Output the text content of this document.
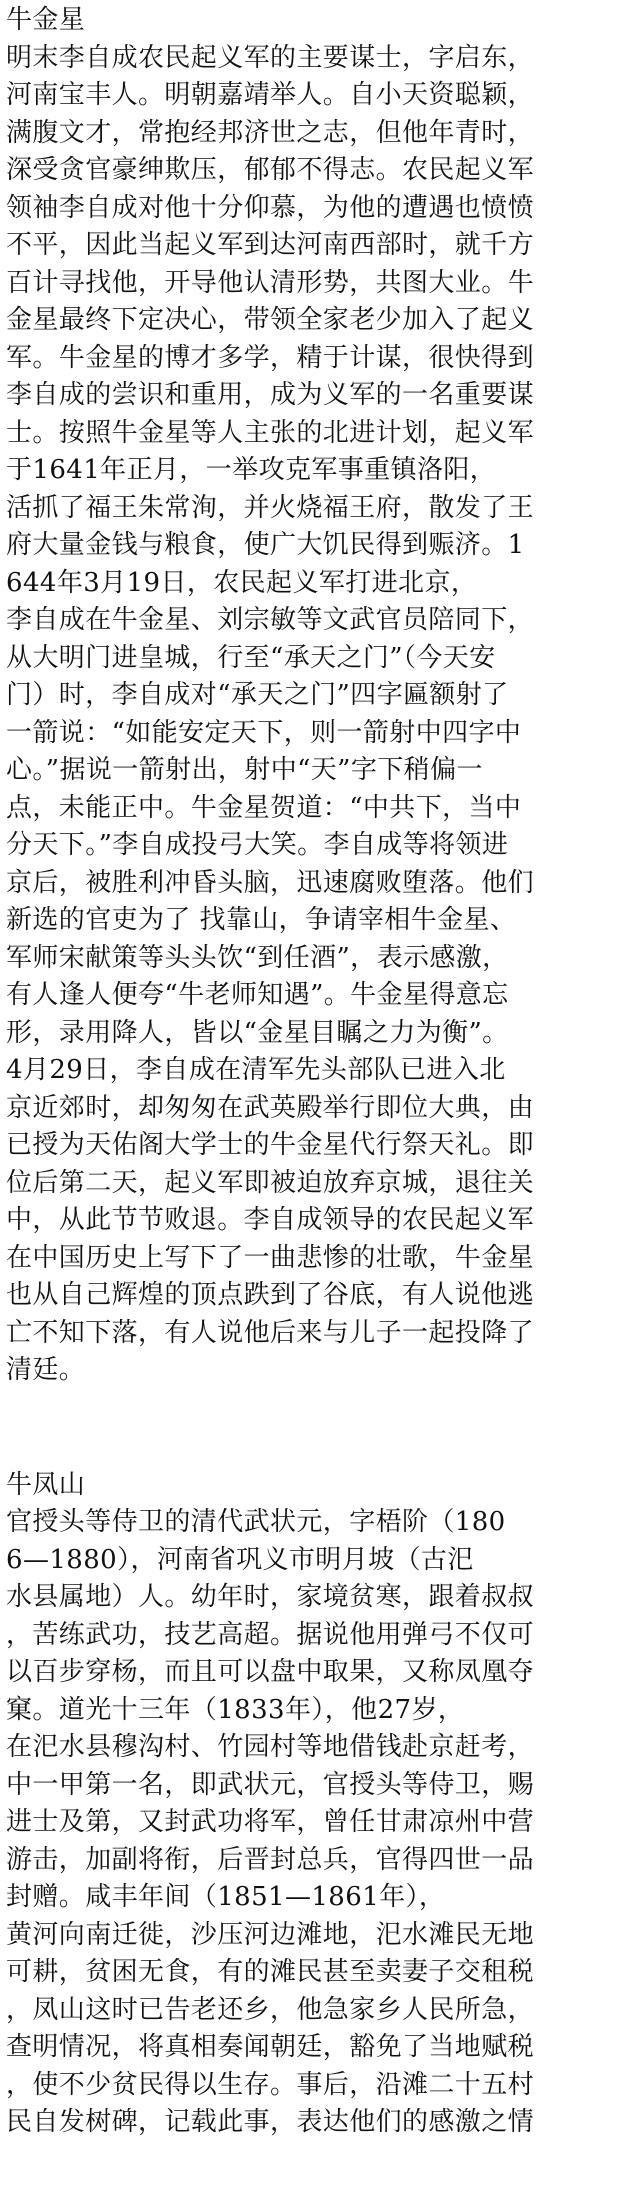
牛金星
明末李自成农民起义军的主要谋士，字启东，
河南宝丰人。明朝嘉靖举人。自小天资聪颖，
满腹文才，常抱经邦济世之志，但他年青时，
深受贪官豪绅欺压，郁郁不得志。农民起义军
领袖李自成对他十分仰慕，为他的遭遇也愤愤
不平，因此当起义军到达河南西部时，就千方
百计寻找他，开导他认清形势，共图大业。牛
金星最终下定决心，带领全家老少加入了起义
军。牛金星的博才多学，精于计谋，很快得到
李自成的尝识和重用，成为义军的一名重要谋
士。按照牛金星等人主张的北进计划，起义军
于1641年正月，一举攻克军事重镇洛阳，
活抓了福王朱常洵，并火烧福王府，散发了王
府大量金钱与粮食，使广大饥民得到赈济。1
644年3月19日，农民起义军打进北京，
李自成在牛金星、刘宗敏等文武官员陪同下，
从大明门进皇城，行至“承天之门”（今天安
门）时，李自成对“承天之门”四字匾额射了
一箭说：“如能安定天下，则一箭射中四字中
心。”据说一箭射出，射中“天”字下稍偏一
点，未能正中。牛金星贺道：“中共下，当中
分天下。”李自成投弓大笑。李自成等将领进
京后，被胜利冲昏头脑，迅速腐败堕落。他们
新选的官吏为了 找靠山，争请宰相牛金星、
军师宋献策等头头饮“到任酒”，表示感激，
有人逢人便夸“牛老师知遇”。牛金星得意忘
形，录用降人，皆以“金星目瞩之力为衡”。
4月29日，李自成在清军先头部队已进入北
京近郊时，却匆匆在武英殿举行即位大典，由
已授为天佑阁大学士的牛金星代行祭天礼。即
位后第二天，起义军即被迫放弃京城，退往关
中，从此节节败退。李自成领导的农民起义军
在中国历史上写下了一曲悲惨的壮歌，牛金星
也从自己辉煌的顶点跌到了谷底，有人说他逃
亡不知下落，有人说他后来与儿子一起投降了
清廷。
牛凤山
官授头等侍卫的清代武状元，字梧阶（180
6—1880），河南省巩义市明月坡（古汜
水县属地）人。幼年时，家境贫寒，跟着叔叔
，苦练武功，技艺高超。据说他用弹弓不仅可
以百步穿杨，而且可以盘中取果，又称凤凰夺
窠。道光十三年（1833年），他27岁，
在汜水县穆沟村、竹园村等地借钱赴京赶考，
中一甲第一名，即武状元，官授头等侍卫，赐
进士及第，又封武功将军，曾任甘肃凉州中营
游击，加副将衔，后晋封总兵，官得四世一品
封赠。咸丰年间（1851—1861年），
黄河向南迁徙，沙压河边滩地，汜水滩民无地
可耕，贫困无食，有的滩民甚至卖妻子交租税
，凤山这时已告老还乡，他急家乡人民所急，
查明情况，将真相奏闻朝廷，豁免了当地赋税
，使不少贫民得以生存。事后，沿滩二十五村
民自发树碑，记载此事，表达他们的感激之情
